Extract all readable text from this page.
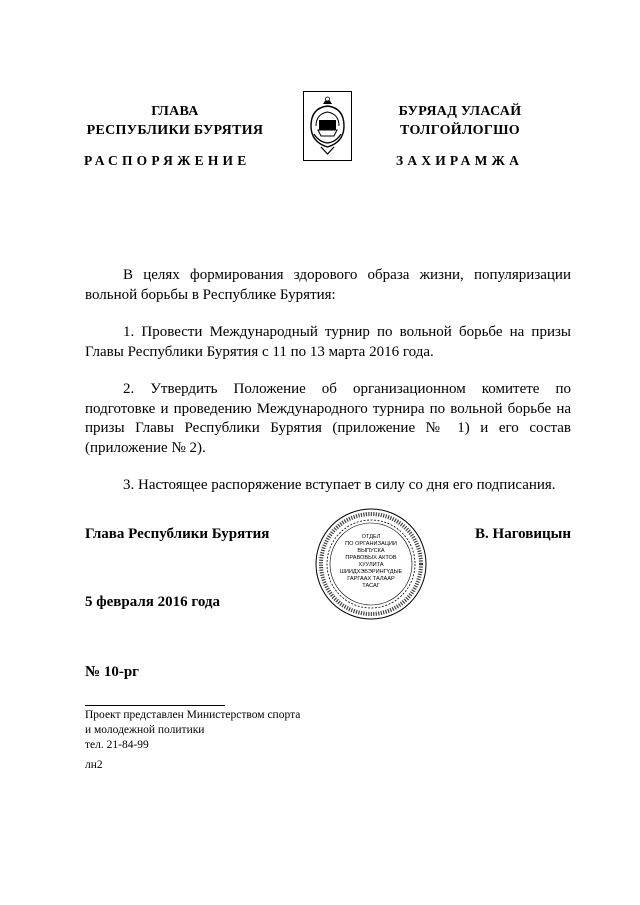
ГЛАВА
РЕСПУБЛИКИ БУРЯТИЯ
РАСПОРЯЖЕНИЕ
БУРЯАД УЛАСАЙ
ТОЛГОЙЛОГШО
ЗАХИРАМЖА

В целях формирования здорового образа жизни, популяризации вольной борьбы в Республике Бурятия:

1. Провести Международный турнир по вольной борьбе на призы Главы Республики Бурятия с 11 по 13 марта 2016 года.

2. Утвердить Положение об организационном комитете по подготовке и проведению Международного турнира по вольной борьбе на призы Главы Республики Бурятия (приложение № 1) и его состав (приложение № 2).

3. Настоящее распоряжение вступает в силу со дня его подписания.

Глава Республики Бурятия	В. Наговицын
ОТДЕЛ
ПО ОРГАНИЗАЦИИ
ВЫПУСКА
ПРАВОВЫХ АКТОВ
ХУУЛИТА
ШИИДХЭБЭРИНГҮДЫЕ
ГАРГААХ ТАЛААР
ТАСАГ
5 февраля 2016 года
№ 10-рг
Проект представлен Министерством спорта
и молодежной политики
тел. 21-84-99
лн2
